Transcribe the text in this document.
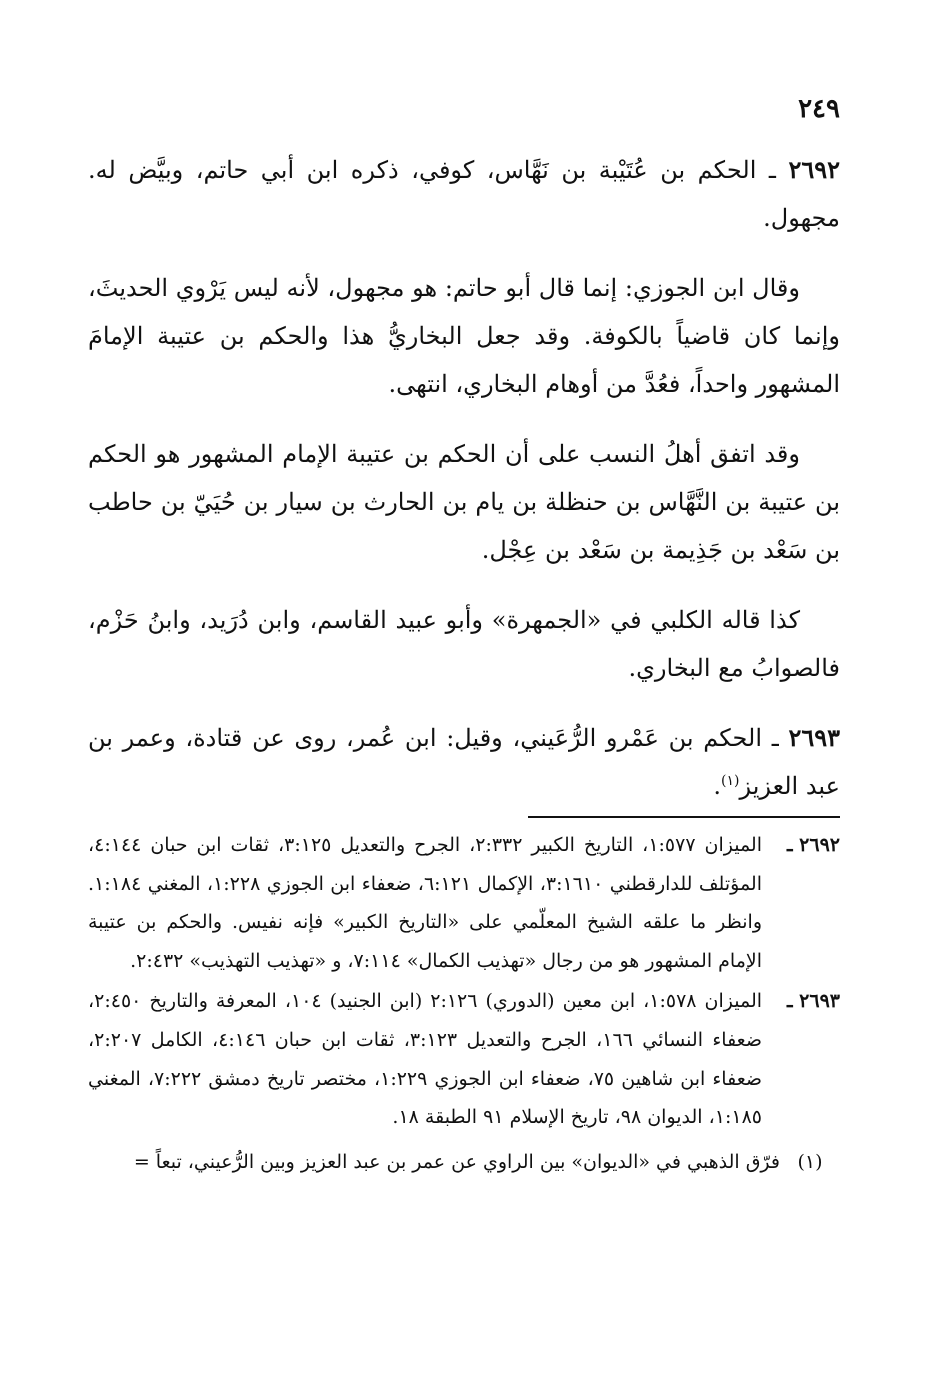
٢٤٩

٢٦٩٢ ـ الحكم بن عُتَيْبة بن نَهَّاس، كوفي، ذكره ابن أبي حاتم، وبيَّض له. مجهول.

وقال ابن الجوزي: إنما قال أبو حاتم: هو مجهول، لأنه ليس يَرْوي الحديثَ، وإنما كان قاضياً بالكوفة. وقد جعل البخاريُّ هذا والحكم بن عتيبة الإمامَ المشهور واحداً، فعُدَّ من أوهام البخاري، انتهى.

وقد اتفق أهلُ النسب على أن الحكم بن عتيبة الإمام المشهور هو الحكم بن عتيبة بن النَّهَّاس بن حنظلة بن يام بن الحارث بن سيار بن حُيَيّ بن حاطب بن سَعْد بن جَذِيمة بن سَعْد بن عِجْل.

كذا قاله الكلبي في «الجمهرة» وأبو عبيد القاسم، وابن دُرَيد، وابنُ حَزْم، فالصوابُ مع البخاري.

٢٦٩٣ ـ الحكم بن عَمْرو الرُّعَيني، وقيل: ابن عُمر، روى عن قتادة، وعمر بن عبد العزيز$^{(١)}$.

٢٦٩٢ ـ
الميزان ١:٥٧٧، التاريخ الكبير ٢:٣٣٢، الجرح والتعديل ٣:١٢٥، ثقات ابن حبان ٤:١٤٤، المؤتلف للدارقطني ٣:١٦١٠، الإكمال ٦:١٢١، ضعفاء ابن الجوزي ١:٢٢٨، المغني ١:١٨٤. وانظر ما علقه الشيخ المعلّمي على «التاريخ الكبير» فإنه نفيس. والحكم بن عتيبة الإمام المشهور هو من رجال «تهذيب الكمال» ٧:١١٤، و «تهذيب التهذيب» ٢:٤٣٢.
٢٦٩٣ ـ
الميزان ١:٥٧٨، ابن معين (الدوري) ٢:١٢٦ (ابن الجنيد) ١٠٤، المعرفة والتاريخ ٢:٤٥٠، ضعفاء النسائي ١٦٦، الجرح والتعديل ٣:١٢٣، ثقات ابن حبان ٤:١٤٦، الكامل ٢:٢٠٧، ضعفاء ابن شاهين ٧٥، ضعفاء ابن الجوزي ١:٢٢٩، مختصر تاريخ دمشق ٧:٢٢٢، المغني ١:١٨٥، الديوان ٩٨، تاريخ الإسلام ٩١ الطبقة ١٨.
(١)
فرّق الذهبي في «الديوان» بين الراوي عن عمر بن عبد العزيز وبين الرُّعيني، تبعاً =
